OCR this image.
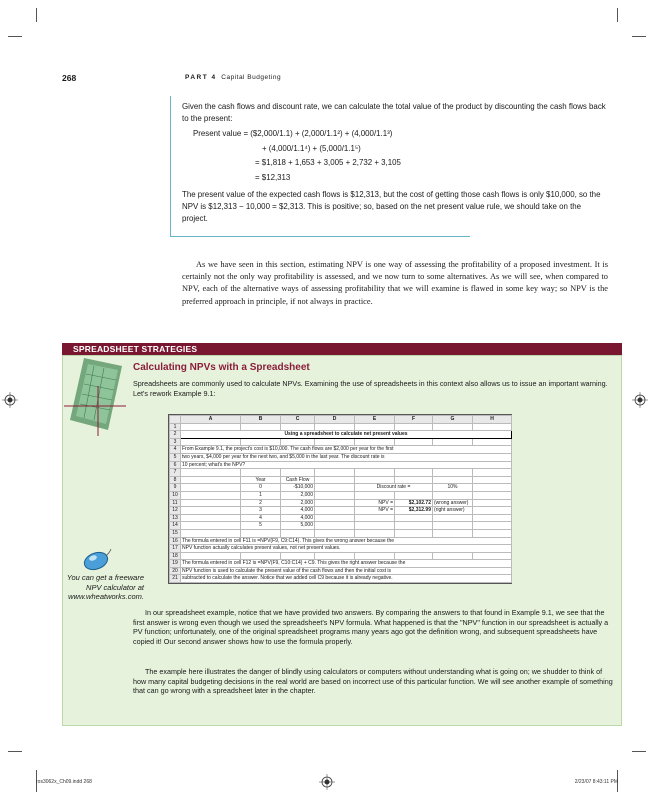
268	PART 4 Capital Budgeting
Given the cash flows and discount rate, we can calculate the total value of the product by discounting the cash flows back to the present:
Present value = ($2,000/1.1) + (2,000/1.1²) + (4,000/1.1³)
+ (4,000/1.1⁴) + (5,000/1.1⁵)
= $1,818 + 1,653 + 3,005 + 2,732 + 3,105
= $12,313
The present value of the expected cash flows is $12,313, but the cost of getting those cash flows is only $10,000, so the NPV is $12,313 − 10,000 = $2,313. This is positive; so, based on the net present value rule, we should take on the project.
As we have seen in this section, estimating NPV is one way of assessing the profitability of a proposed investment. It is certainly not the only way profitability is assessed, and we now turn to some alternatives. As we will see, when compared to NPV, each of the alternative ways of assessing profitability that we will examine is flawed in some key way; so NPV is the preferred approach in principle, if not always in practice.
SPREADSHEET STRATEGIES
Calculating NPVs with a Spreadsheet
Spreadsheets are commonly used to calculate NPVs. Examining the use of spreadsheets in this context also allows us to issue an important warning. Let's rework Example 9.1:
You can get a freeware NPV calculator at www.wheatworks.com.
	A	B	C	D	E	F	G	H
1								
2	Using a spreadsheet to calculate net present values							
3								
4	From Example 9.1, the project's cost is $10,000. The cash flows are $2,000 per year for the first							
5	two years, $4,000 per year for the next two, and $5,000 in the last year. The discount rate is							
6	10 percent; what's the NPV?							
7								
8		Year	Cash Flow					
9		0	-$10,000		Discount rate =		10%	
10		1	2,000					
11		2	2,000		NPV =	$2,102.72	(wrong answer)	
12		3	4,000		NPV =	$2,312.99	(right answer)	
13		4	4,000					
14		5	5,000					
15								
16	The formula entered in cell F11 is =NPV(F9, C9:C14). This gives the wrong answer because the							
17	NPV function actually calculates present values, not net present values.							
18								
19	The formula entered in cell F12 is =NPV(F9, C10:C14) + C9. This gives the right answer because the							
20	NPV function is used to calculate the present value of the cash flows and then the initial cost is							
21	subtracted to calculate the answer. Notice that we added cell C9 because it is already negative.							
In our spreadsheet example, notice that we have provided two answers. By comparing the answers to that found in Example 9.1, we see that the first answer is wrong even though we used the spreadsheet's NPV formula. What happened is that the "NPV" function in our spreadsheet is actually a PV function; unfortunately, one of the original spreadsheet programs many years ago got the definition wrong, and subsequent spreadsheets have copied it! Our second answer shows how to use the formula properly.
The example here illustrates the danger of blindly using calculators or computers without understanding what is going on; we shudder to think of how many capital budgeting decisions in the real world are based on incorrect use of this particular function. We will see another example of something that can go wrong with a spreadsheet later in the chapter.
ros3062x_Ch09.indd 268	2/23/07 8:43:11 PM
